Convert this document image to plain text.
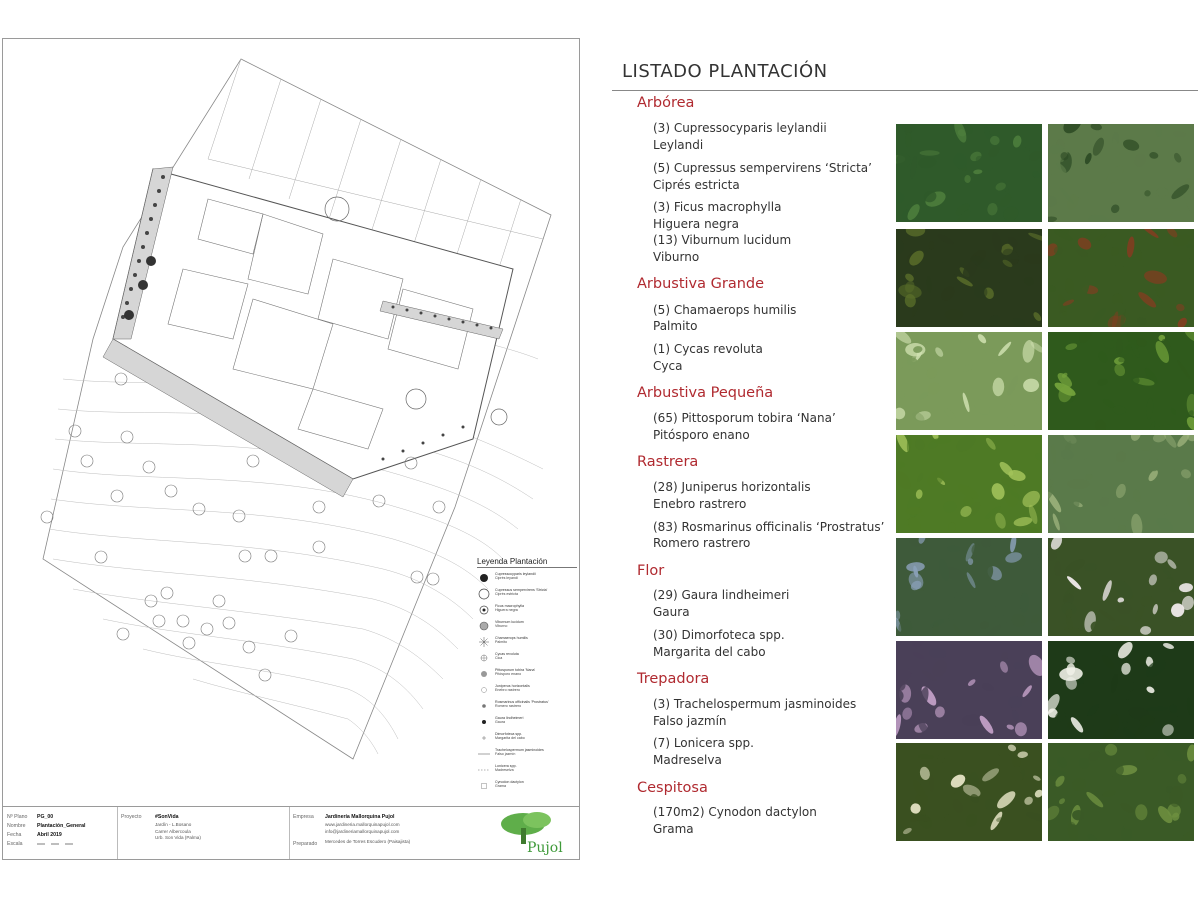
Leyenda Plantación
Cupressocyparis leylandii
Ciprés leyandi
Cupressus sempervirens 'Stricta'
Ciprés estricta
Ficus macrophylla
Higuera negra
Viburnum lucidum
Viburno
Chamaerops humilis
Palmito
Cycas revoluta
Cica
Pittosporum tobira 'Nana'
Pitósporo enano
Juniperus horizontalis
Enebro rastrero
Rosmarinus officinalis 'Prostratus'
Romero rastrero
Gaura lindheimeri
Gaura
Dimorfoteca spp.
Margarita del cabo
Trachelospermum jasminoides
Falso jazmín
Lonicera spp.
Madreselva
Cynodon dactylon
Grama
Nº Plano
Nombre
Fecha
Escala
PG_00
Plantación_General
Abril 2019
Proyecto	#SonVida
Jardín - L.Bosano
Carrer Albercoula
Urb. Son Vida (Palma)
Empresa
Preparado
Jardinería Mallorquina Pujol
www.jardineria.mallorquinapujol.com
info@jardineriamallorquinapujol.com
Mercedes de Torres Escudero (Paisajista)	Pujol
LISTADO PLANTACIÓN
Arbórea
(3) Cupressocyparis leylandii
Leylandi
(5) Cupressus sempervirens ‘Stricta’
Ciprés estricta
(3) Ficus macrophylla
Higuera negra
(13) Viburnum lucidum
Viburno
Arbustiva Grande
(5) Chamaerops humilis
Palmito
(1) Cycas revoluta
Cyca
Arbustiva Pequeña
(65) Pittosporum tobira ‘Nana’
Pitósporo enano
Rastrera
(28) Juniperus horizontalis
Enebro rastrero
(83) Rosmarinus officinalis ‘Prostratus’
Romero rastrero
Flor
(29) Gaura lindheimeri
Gaura
(30) Dimorfoteca spp.
Margarita del cabo
Trepadora
(3) Trachelospermum jasminoides
Falso jazmín
(7) Lonicera spp.
Madreselva
Cespitosa
(170m2) Cynodon dactylon
Grama
